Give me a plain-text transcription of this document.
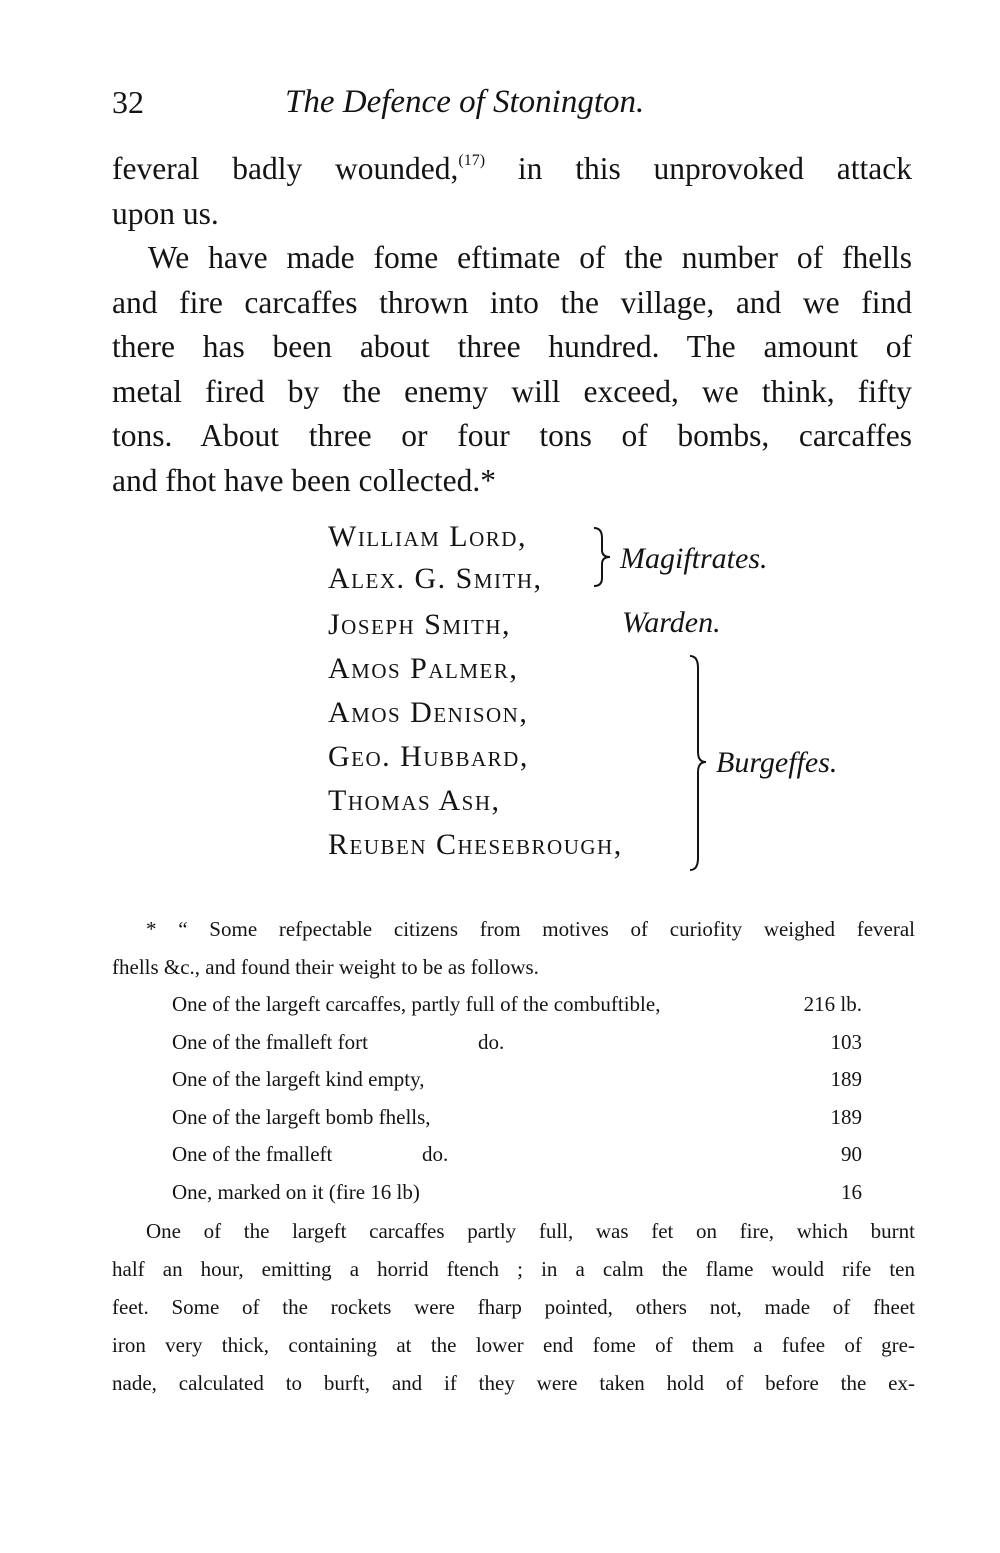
32	The Defence of Stonington.
feveral badly wounded,$^{(17)}$ in this unprovoked attack
upon us.
We have made fome eftimate of the number of fhells
and fire carcaffes thrown into the village, and we find
there has been about three hundred. The amount of
metal fired by the enemy will exceed, we think, fifty
tons. About three or four tons of bombs, carcaffes
and fhot have been collected.*
William Lord,
Alex. G. Smith,
Magiftrates.
Joseph Smith,	Warden.
Amos Palmer,
Amos Denison,
Geo. Hubbard,
Thomas Ash,
Reuben Chesebrough,
Burgeffes.
* “ Some refpectable citizens from motives of curiofity weighed feveral
fhells &c., and found their weight to be as follows.
One of the largeft carcaffes, partly full of the combuftible,	216 lb.
One of the fmalleft fort	do.	103
One of the largeft kind empty,	189
One of the largeft bomb fhells,	189
One of the fmalleft	do.	90
One, marked on it (fire 16 lb)	16
One of the largeft carcaffes partly full, was fet on fire, which burnt
half an hour, emitting a horrid ftench ; in a calm the flame would rife ten
feet. Some of the rockets were fharp pointed, others not, made of fheet
iron very thick, containing at the lower end fome of them a fufee of gre-
nade, calculated to burft, and if they were taken hold of before the ex-
